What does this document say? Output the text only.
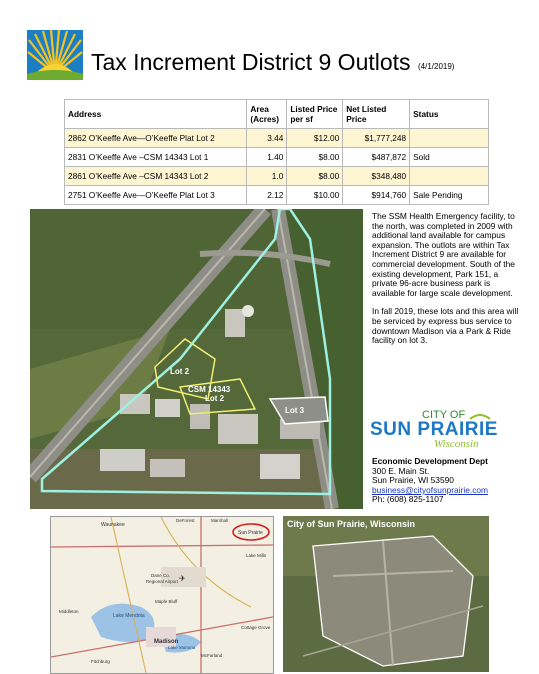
Tax Increment District 9 Outlots (4/1/2019)
Address	Area (Acres)	Listed Price per sf	Net Listed Price	Status
2862 O’Keeffe Ave—O’Keeffe Plat Lot 2	3.44	$12.00	$1,777,248	
2831 O’Keeffe Ave –CSM 14343 Lot 1	1.40	$8.00	$487,872	Sold
2861 O’Keeffe Ave –CSM 14343 Lot 2	1.0	$8.00	$348,480	
2751 O’Keeffe Ave—O’Keeffe Plat Lot 3	2.12	$10.00	$914,760	Sale Pending
Lot 2
CSM 14343
Lot 2
Lot 3

The SSM Health Emergency facility, to the north, was completed in 2009 with additional land available for campus expansion. The outlots are within Tax Increment District 9 are available for commercial development. South of the existing development, Park 151, a private 96-acre business park is available for large scale development.

In fall 2019, these lots and this area will be serviced by express bus service to downtown Madison via a Park & Ride facility on lot 3.

CITY OF
SUN PRAIRIE
Wisconsin
Economic Development Dept
300 E. Main St.
Sun Prairie, WI 53590
business@cityofsunprairie.com
Ph: (608) 825-1107
Sun Prairie
Waunakee
DeForest	Marshall
Dane Co.
Regional Airport ✈
Lake Mendota
Madison
Lake Monona
Middleton
Cottage Grove
McFarland
Fitchburg
Maple Bluff
Lake Mills
City of Sun Prairie, Wisconsin
